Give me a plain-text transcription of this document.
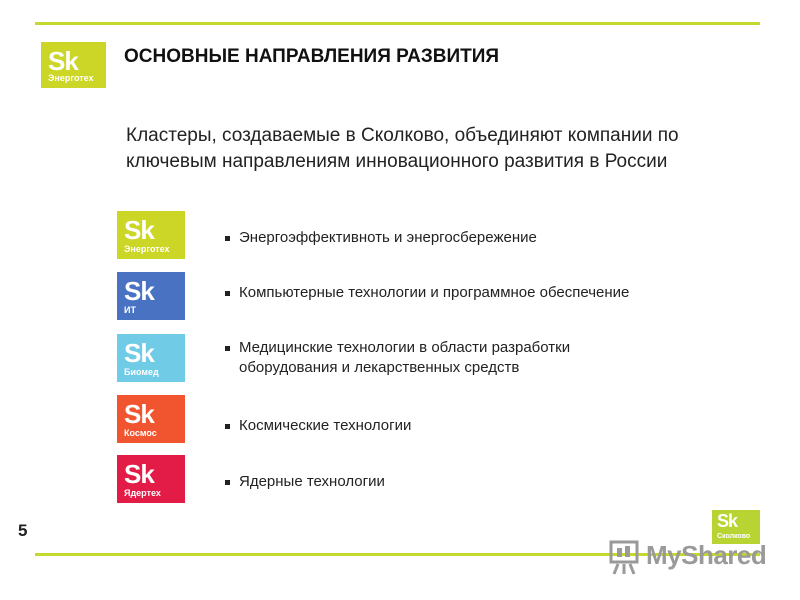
Sk
Энерготех
ОСНОВНЫЕ НАПРАВЛЕНИЯ РАЗВИТИЯ
Кластеры, создаваемые в Сколково, объединяют компании по
ключевым направлениям инновационного развития в России
Sk
Энерготех
Энергоэффективноть и энергосбережение
Sk
ИТ
Компьютерные технологии и программное обеспечение
Sk
Биомед
Медицинские технологии в области разработки
оборудования и лекарственных средств
Sk
Космос	Космические технологии
Sk
Ядертех
Ядерные технологии
5	Sk
Сколково
MyShared
